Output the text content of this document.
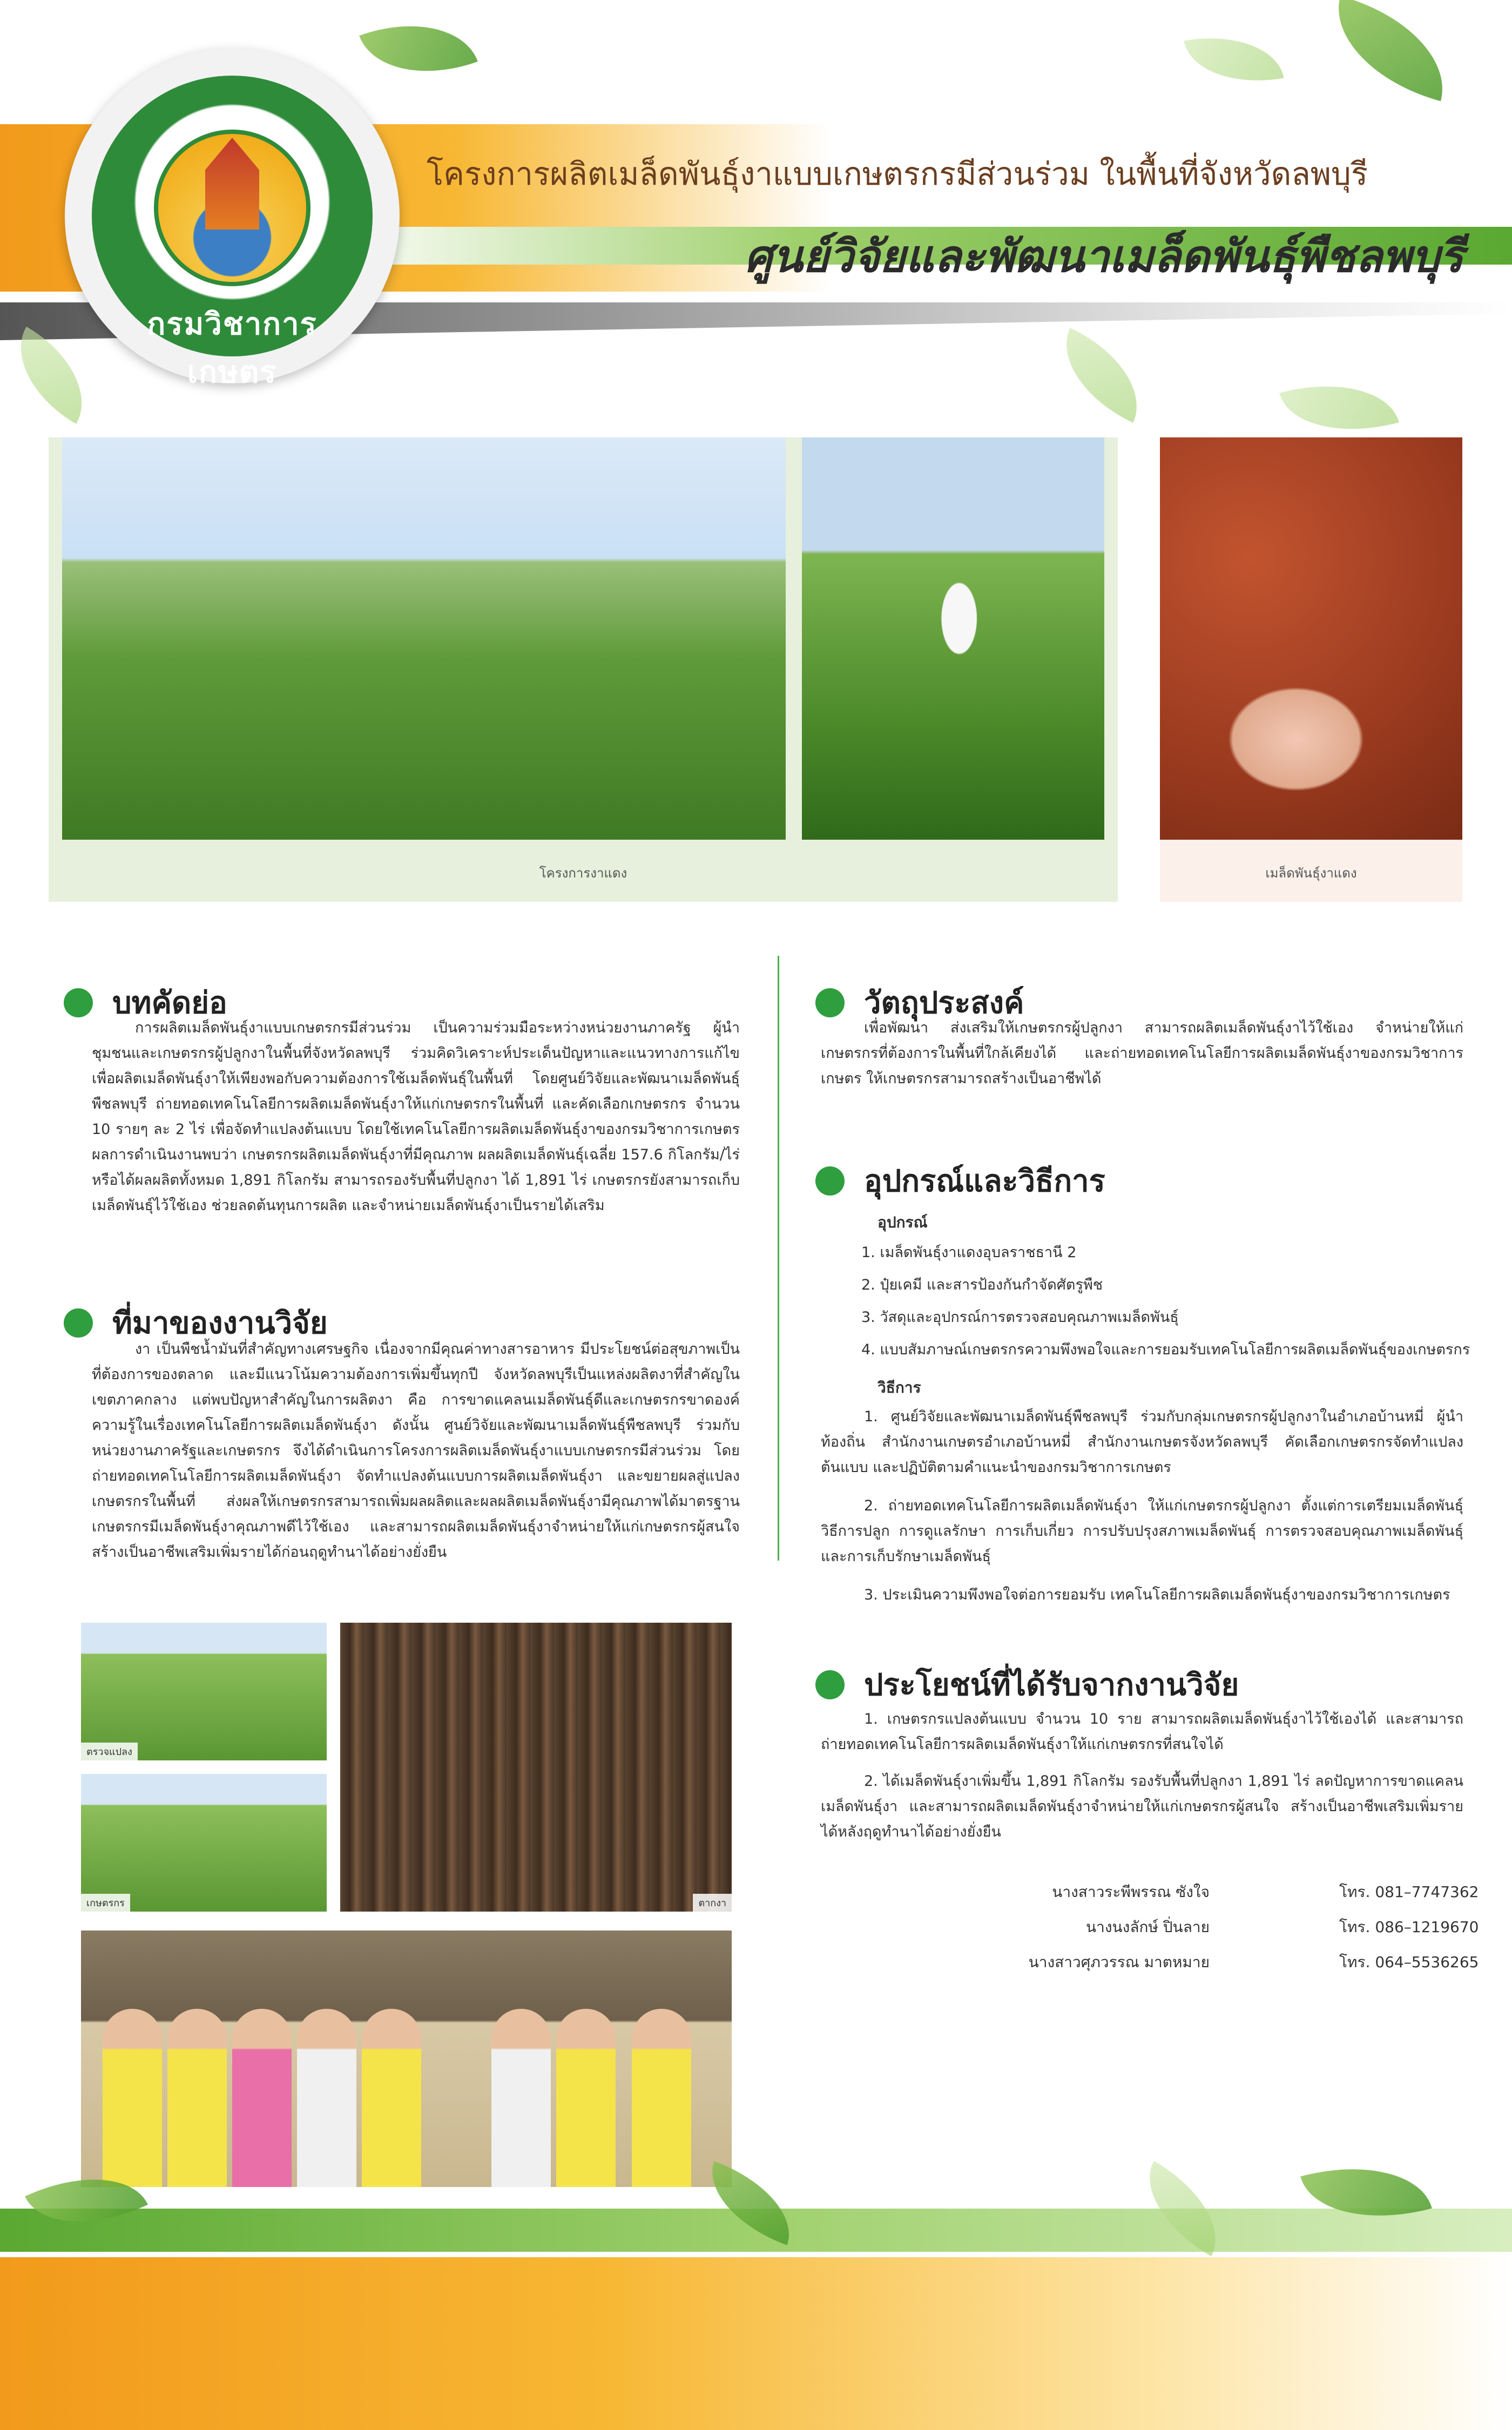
กรมวิชาการเกษตร
โครงการผลิตเมล็ดพันธุ์งาแบบเกษตรกรมีส่วนร่วม ในพื้นที่จังหวัดลพบุรี
ศูนย์วิจัยและพัฒนาเมล็ดพันธุ์พืชลพบุรี
โครงการงาแดง	เมล็ดพันธุ์งาแดง
บทคัดย่อ
การผลิตเมล็ดพันธุ์งาแบบเกษตรกรมีส่วนร่วม เป็นความร่วมมือระหว่างหน่วยงานภาครัฐ ผู้นำชุมชนและเกษตรกรผู้ปลูกงาในพื้นที่จังหวัดลพบุรี ร่วมคิดวิเคราะห์ประเด็นปัญหาและแนวทางการแก้ไข เพื่อผลิตเมล็ดพันธุ์งาให้เพียงพอกับความต้องการใช้เมล็ดพันธุ์ในพื้นที่ โดยศูนย์วิจัยและพัฒนาเมล็ดพันธุ์พืชลพบุรี ถ่ายทอดเทคโนโลยีการผลิตเมล็ดพันธุ์งาให้แก่เกษตรกรในพื้นที่ และคัดเลือกเกษตรกร จำนวน 10 รายๆ ละ 2 ไร่ เพื่อจัดทำแปลงต้นแบบ โดยใช้เทคโนโลยีการผลิตเมล็ดพันธุ์งาของกรมวิชาการเกษตร ผลการดำเนินงานพบว่า เกษตรกรผลิตเมล็ดพันธุ์งาที่มีคุณภาพ ผลผลิตเมล็ดพันธุ์เฉลี่ย 157.6 กิโลกรัม/ไร่ หรือได้ผลผลิตทั้งหมด 1,891 กิโลกรัม สามารถรองรับพื้นที่ปลูกงา ได้ 1,891 ไร่ เกษตรกรยังสามารถเก็บเมล็ดพันธุ์ไว้ใช้เอง ช่วยลดต้นทุนการผลิต และจำหน่ายเมล็ดพันธุ์งาเป็นรายได้เสริม
ที่มาของงานวิจัย
งา เป็นพืชน้ำมันที่สำคัญทางเศรษฐกิจ เนื่องจากมีคุณค่าทางสารอาหาร มีประโยชน์ต่อสุขภาพเป็นที่ต้องการของตลาด และมีแนวโน้มความต้องการเพิ่มขึ้นทุกปี จังหวัดลพบุรีเป็นแหล่งผลิตงาที่สำคัญในเขตภาคกลาง แต่พบปัญหาสำคัญในการผลิตงา คือ การขาดแคลนเมล็ดพันธุ์ดีและเกษตรกรขาดองค์ความรู้ในเรื่องเทคโนโลยีการผลิตเมล็ดพันธุ์งา ดังนั้น ศูนย์วิจัยและพัฒนาเมล็ดพันธุ์พืชลพบุรี ร่วมกับหน่วยงานภาครัฐและเกษตรกร จึงได้ดำเนินการโครงการผลิตเมล็ดพันธุ์งาแบบเกษตรกรมีส่วนร่วม โดยถ่ายทอดเทคโนโลยีการผลิตเมล็ดพันธุ์งา จัดทำแปลงต้นแบบการผลิตเมล็ดพันธุ์งา และขยายผลสู่แปลงเกษตรกรในพื้นที่ ส่งผลให้เกษตรกรสามารถเพิ่มผลผลิตและผลผลิตเมล็ดพันธุ์งามีคุณภาพได้มาตรฐาน เกษตรกรมีเมล็ดพันธุ์งาคุณภาพดีไว้ใช้เอง และสามารถผลิตเมล็ดพันธุ์งาจำหน่ายให้แก่เกษตรกรผู้สนใจ สร้างเป็นอาชีพเสริมเพิ่มรายได้ก่อนฤดูทำนาได้อย่างยั่งยืน
ตรวจแปลง
เกษตรกร	ตากงา
วัตถุประสงค์
เพื่อพัฒนา ส่งเสริมให้เกษตรกรผู้ปลูกงา สามารถผลิตเมล็ดพันธุ์งาไว้ใช้เอง จำหน่ายให้แก่เกษตรกรที่ต้องการในพื้นที่ใกล้เคียงได้ และถ่ายทอดเทคโนโลยีการผลิตเมล็ดพันธุ์งาของกรมวิชาการเกษตร ให้เกษตรกรสามารถสร้างเป็นอาชีพได้
อุปกรณ์และวิธีการ
อุปกรณ์
1. เมล็ดพันธุ์งาแดงอุบลราชธานี 2
2. ปุ๋ยเคมี และสารป้องกันกำจัดศัตรูพืช
3. วัสดุและอุปกรณ์การตรวจสอบคุณภาพเมล็ดพันธุ์
4. แบบสัมภาษณ์เกษตรกรความพึงพอใจและการยอมรับเทคโนโลยีการผลิตเมล็ดพันธุ์ของเกษตรกร
วิธีการ
1. ศูนย์วิจัยและพัฒนาเมล็ดพันธุ์พืชลพบุรี ร่วมกับกลุ่มเกษตรกรผู้ปลูกงาในอำเภอบ้านหมี่ ผู้นำท้องถิ่น สำนักงานเกษตรอำเภอบ้านหมี่ สำนักงานเกษตรจังหวัดลพบุรี คัดเลือกเกษตรกรจัดทำแปลงต้นแบบ และปฏิบัติตามคำแนะนำของกรมวิชาการเกษตร
2. ถ่ายทอดเทคโนโลยีการผลิตเมล็ดพันธุ์งา ให้แก่เกษตรกรผู้ปลูกงา ตั้งแต่การเตรียมเมล็ดพันธุ์ วิธีการปลูก การดูแลรักษา การเก็บเกี่ยว การปรับปรุงสภาพเมล็ดพันธุ์ การตรวจสอบคุณภาพเมล็ดพันธุ์ และการเก็บรักษาเมล็ดพันธุ์
3. ประเมินความพึงพอใจต่อการยอมรับ เทคโนโลยีการผลิตเมล็ดพันธุ์งาของกรมวิชาการเกษตร
ประโยชน์ที่ได้รับจากงานวิจัย
1. เกษตรกรแปลงต้นแบบ จำนวน 10 ราย สามารถผลิตเมล็ดพันธุ์งาไว้ใช้เองได้ และสามารถถ่ายทอดเทคโนโลยีการผลิตเมล็ดพันธุ์งาให้แก่เกษตรกรที่สนใจได้
2. ได้เมล็ดพันธุ์งาเพิ่มขึ้น 1,891 กิโลกรัม รองรับพื้นที่ปลูกงา 1,891 ไร่ ลดปัญหาการขาดแคลนเมล็ดพันธุ์งา และสามารถผลิตเมล็ดพันธุ์งาจำหน่ายให้แก่เกษตรกรผู้สนใจ สร้างเป็นอาชีพเสริมเพิ่มรายได้หลังฤดูทำนาได้อย่างยั่งยืน
นางสาวระพีพรรณ ซังใจ	โทร. 081–7747362
นางนงลักษ์ ปิ่นลาย	โทร. 086–1219670
นางสาวศุภวรรณ มาตหมาย	โทร. 064–5536265
